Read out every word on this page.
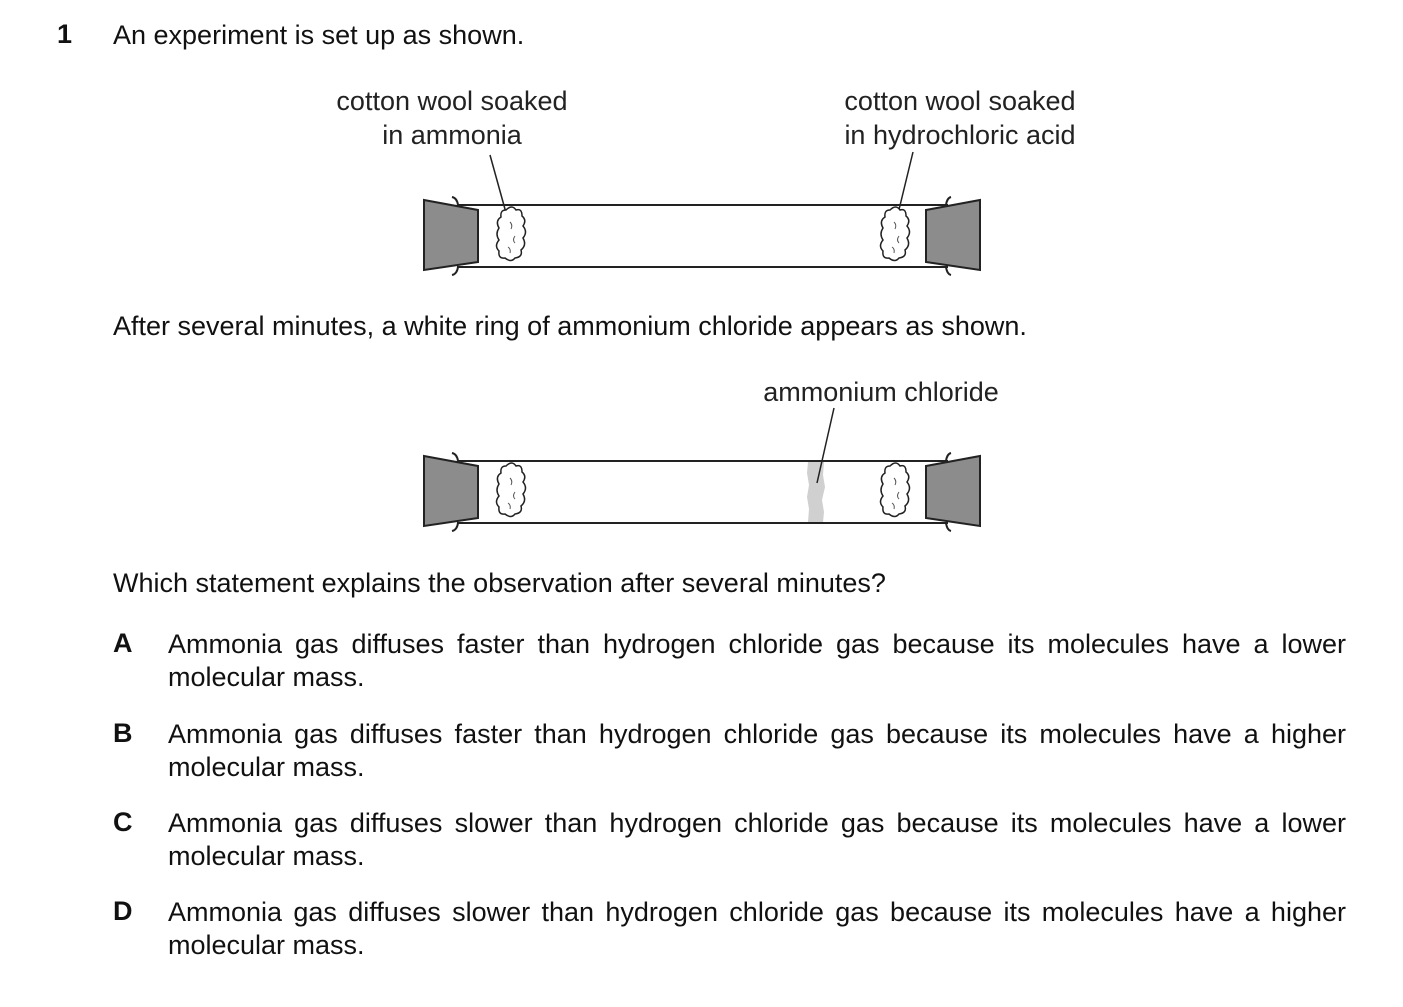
1 An experiment is set up as shown.
cotton wool soaked
in ammonia
cotton wool soaked
in hydrochloric acid
After several minutes, a white ring of ammonium chloride appears as shown.
ammonium chloride
Which statement explains the observation after several minutes?
A Ammonia gas diffuses faster than hydrogen chloride gas because its molecules have a lower molecular mass.
B Ammonia gas diffuses faster than hydrogen chloride gas because its molecules have a higher molecular mass.
C Ammonia gas diffuses slower than hydrogen chloride gas because its molecules have a lower molecular mass.
D Ammonia gas diffuses slower than hydrogen chloride gas because its molecules have a higher molecular mass.
